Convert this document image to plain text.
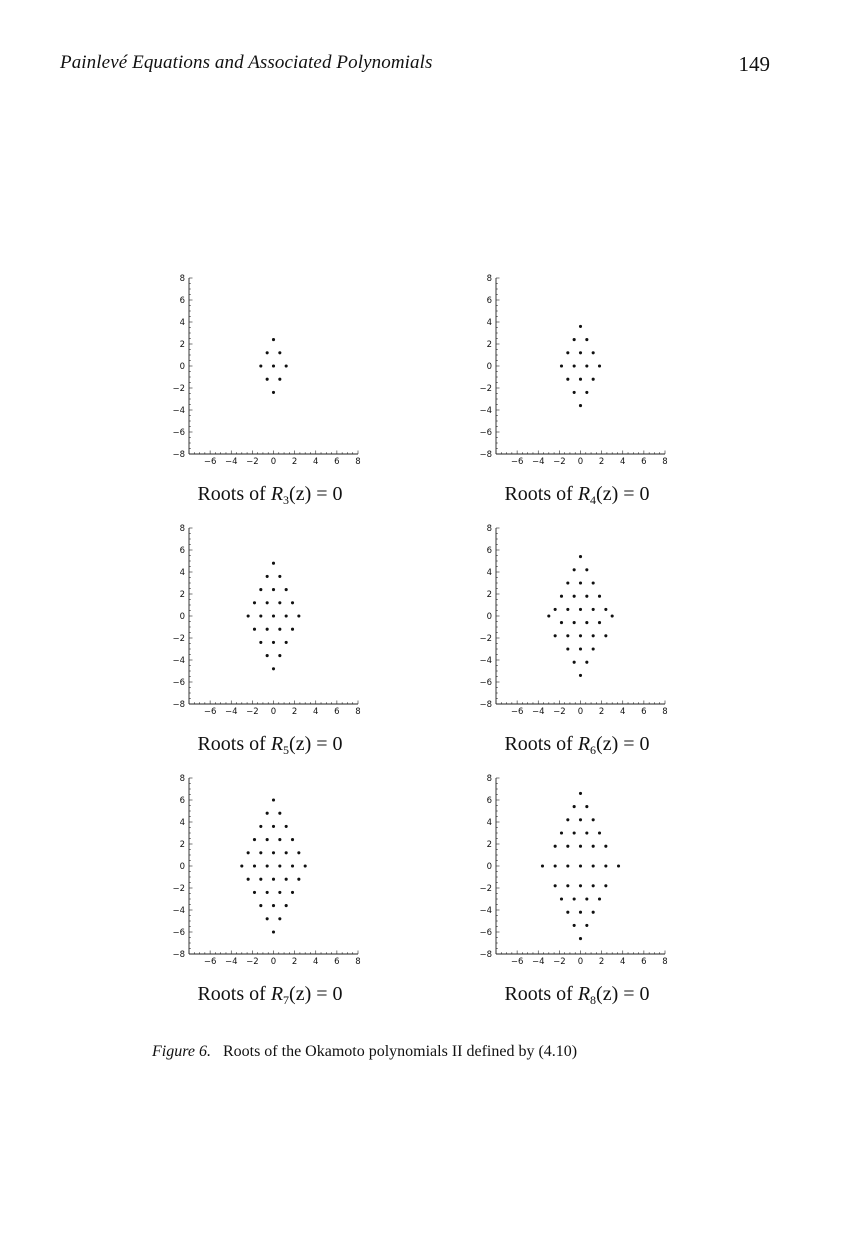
Painlevé Equations and Associated Polynomials	149
8
6
4
2
0
−2
−4
−6
−8
−6 −4 −2 0 2 4 6 8
Roots of $R_3(z) = 0$
8
6
4
2
0
−2
−4
−6
−8
−6 −4 −2 0 2 4 6 8
Roots of $R_4(z) = 0$
8
6
4
2
0
−2
−4
−6
−8
−6 −4 −2 0 2 4 6 8
Roots of $R_5(z) = 0$
8
6
4
2
0
−2
−4
−6
−8
−6 −4 −2 0 2 4 6 8
Roots of $R_6(z) = 0$
8
6
4
2
0
−2
−4
−6
−8
−6 −4 −2 0 2 4 6 8
Roots of $R_7(z) = 0$
8
6
4
2
0
−2
−4
−6
−8
−6 −4 −2 0 2 4 6 8
Roots of $R_8(z) = 0$
Figure 6. Roots of the Okamoto polynomials II defined by (4.10)
